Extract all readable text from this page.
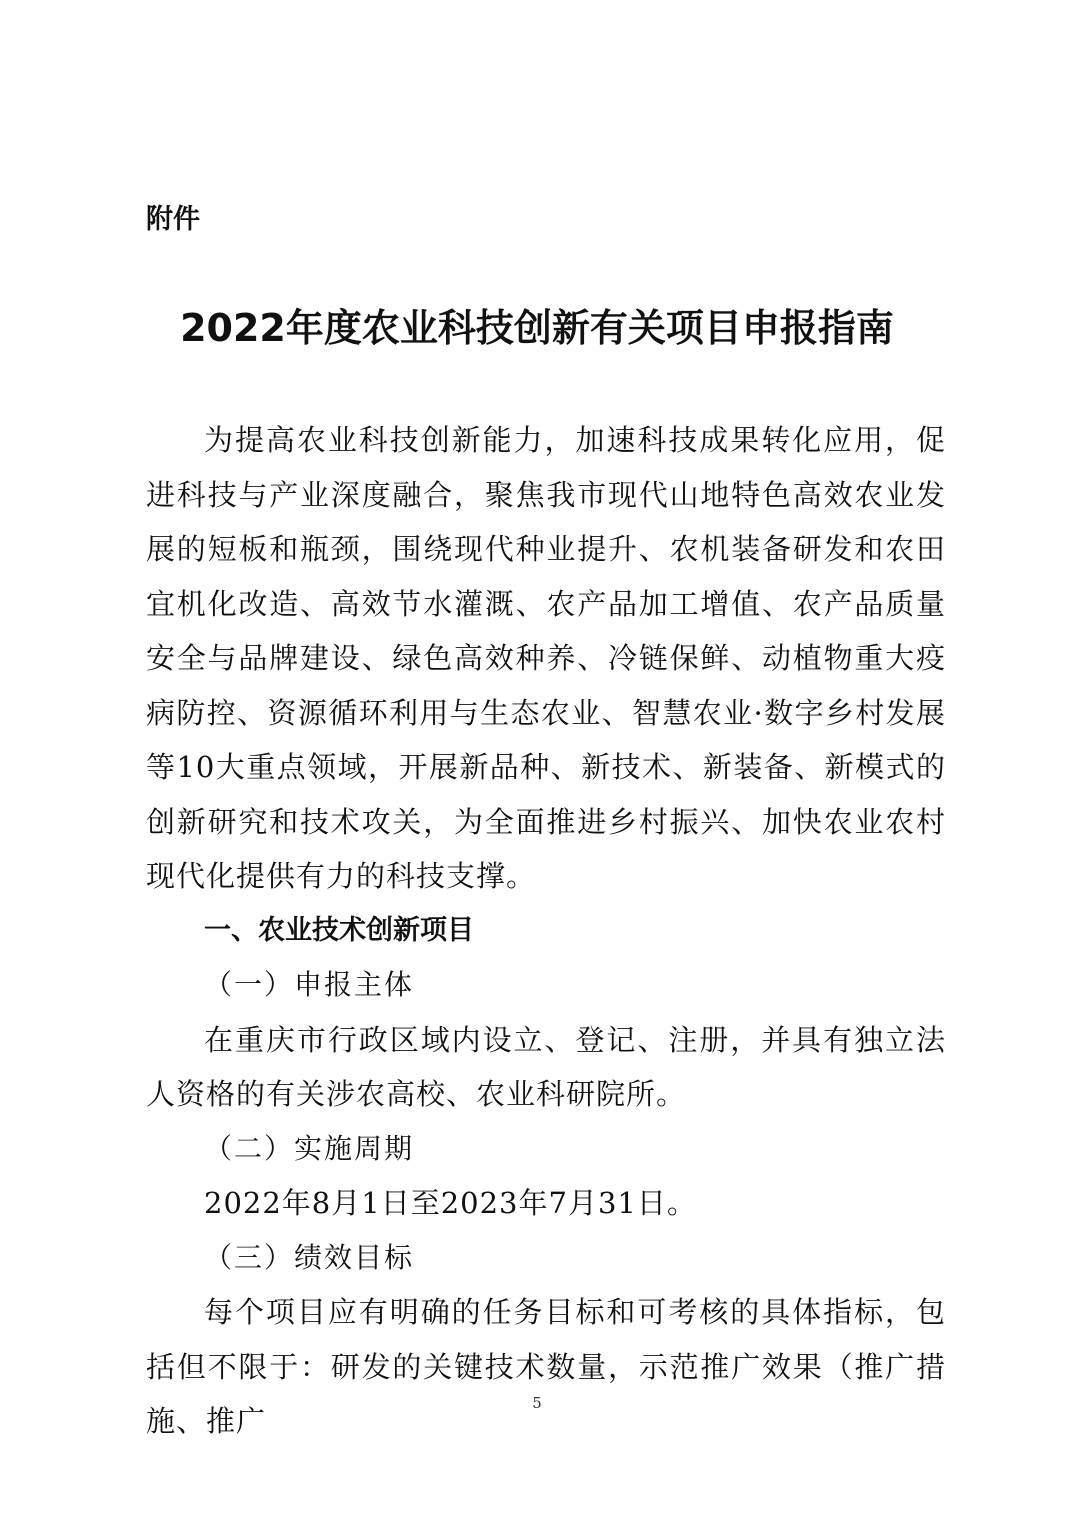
附件

2022年度农业科技创新有关项目申报指南

为提高农业科技创新能力，加速科技成果转化应用，促进科技与产业深度融合，聚焦我市现代山地特色高效农业发展的短板和瓶颈，围绕现代种业提升、农机装备研发和农田宜机化改造、高效节水灌溉、农产品加工增值、农产品质量安全与品牌建设、绿色高效种养、冷链保鲜、动植物重大疫病防控、资源循环利用与生态农业、智慧农业·数字乡村发展等10大重点领域，开展新品种、新技术、新装备、新模式的创新研究和技术攻关，为全面推进乡村振兴、加快农业农村现代化提供有力的科技支撑。

一、农业技术创新项目

（一）申报主体

在重庆市行政区域内设立、登记、注册，并具有独立法人资格的有关涉农高校、农业科研院所。

（二）实施周期

2022年8月1日至2023年7月31日。

（三）绩效目标

每个项目应有明确的任务目标和可考核的具体指标，包括但不限于：研发的关键技术数量，示范推广效果（推广措施、推广

5
